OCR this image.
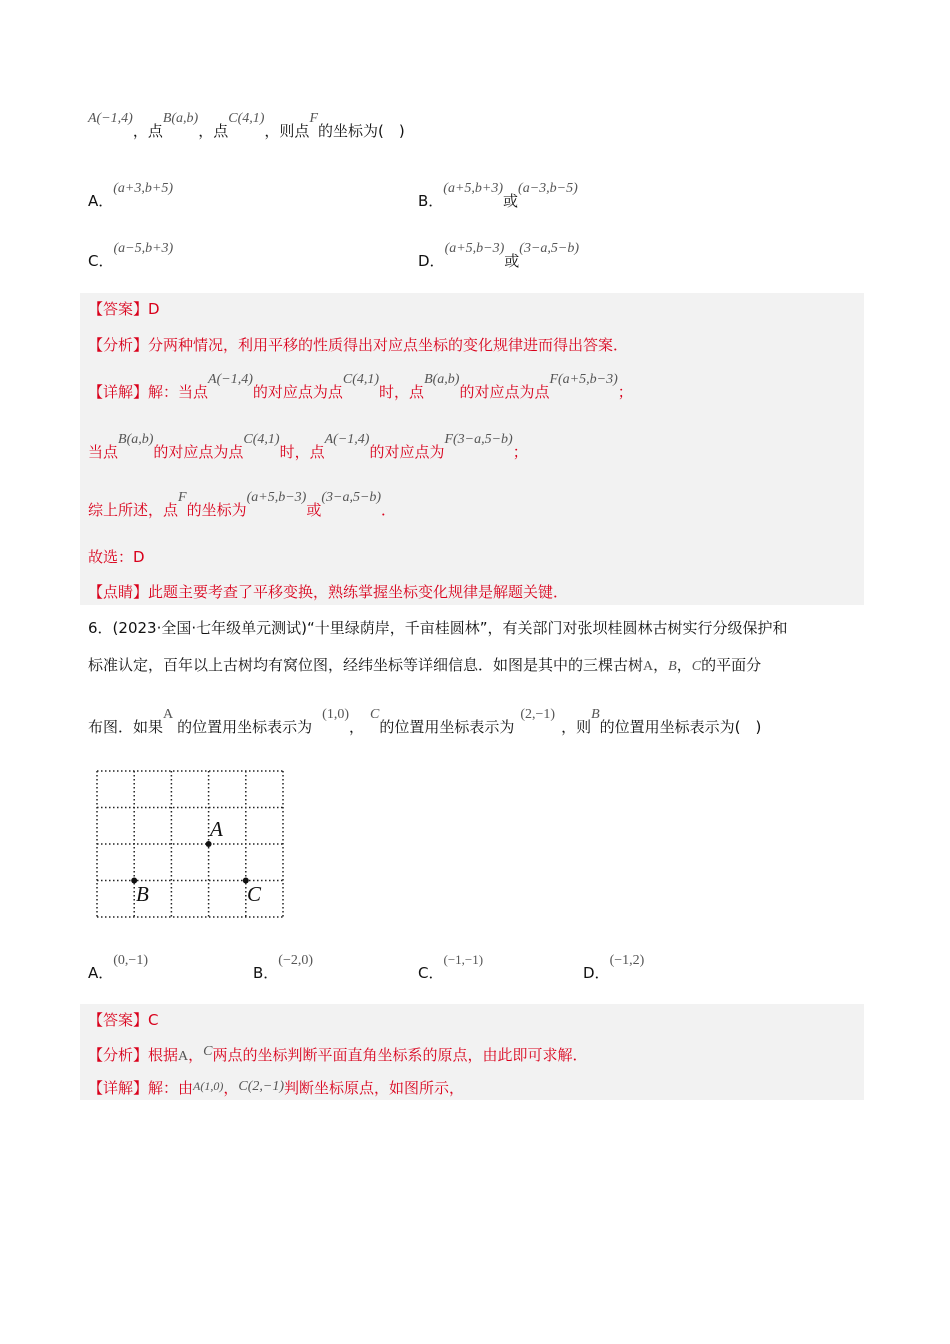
A(−1,4)，点B(a,b)，点C(4,1)，则点F的坐标为(　)
A．(a+3,b+5)
B．(a+5,b+3)或(a−3,b−5)
C．(a−5,b+3)
D．(a+5,b−3)或(3−a,5−b)
【答案】D
【分析】分两种情况，利用平移的性质得出对应点坐标的变化规律进而得出答案．
【详解】解：当点A(−1,4)的对应点为点C(4,1)时，点B(a,b)的对应点为点F(a+5,b−3)；
当点B(a,b)的对应点为点C(4,1)时，点A(−1,4)的对应点为F(3−a,5−b)；
综上所述，点F的坐标为(a+5,b−3)或(3−a,5−b)．
故选：D
【点睛】此题主要考查了平移变换，熟练掌握坐标变化规律是解题关键．
6．(2023·全国·七年级单元测试)“十里绿荫岸，千亩桂圆林”，有关部门对张坝桂圆林古树实行分级保护和
标准认定，百年以上古树均有窝位图，经纬坐标等详细信息．如图是其中的三棵古树A，B，C的平面分
布图．如果A的位置用坐标表示为(1,0)，C的位置用坐标表示为(2,−1)，则B的位置用坐标表示为(　)
A
B	C
A．(0,−1)
B．(−2,0)
C．(−1,−1)
D．(−1,2)
【答案】C
【分析】根据A，C两点的坐标判断平面直角坐标系的原点，由此即可求解．
【详解】解：由$^{A(1,0)}$，C(2,−1)判断坐标原点，如图所示，
